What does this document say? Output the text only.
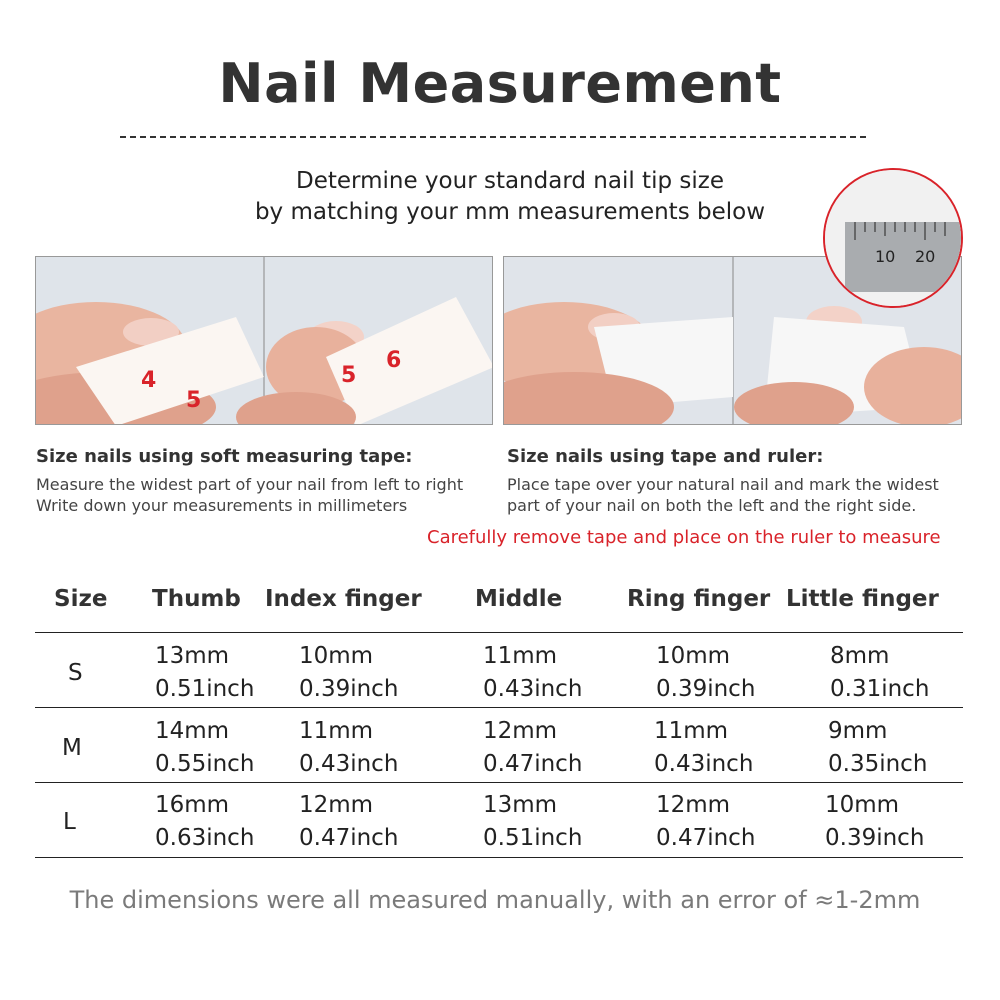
Nail Measurement
Determine your standard nail tip size
by matching your mm measurements below
4
5
5
6
10 20
Size nails using soft measuring tape:
Measure the widest part of your nail from left to right
Write down your measurements in millimeters
Size nails using tape and ruler:
Place tape over your natural nail and mark the widest
part of your nail on both the left and the right side.
Carefully remove tape and place on the ruler to measure
Size Thumb Index finger Middle	Ring finger Little finger
S
13mm
0.51inch
10mm
0.39inch
11mm
0.43inch
10mm
0.39inch
8mm
0.31inch
M
14mm
0.55inch
11mm
0.43inch
12mm
0.47inch
11mm
0.43inch
9mm
0.35inch
L
16mm
0.63inch
12mm
0.47inch
13mm
0.51inch
12mm
0.47inch
10mm
0.39inch
The dimensions were all measured manually, with an error of ≈1-2mm
